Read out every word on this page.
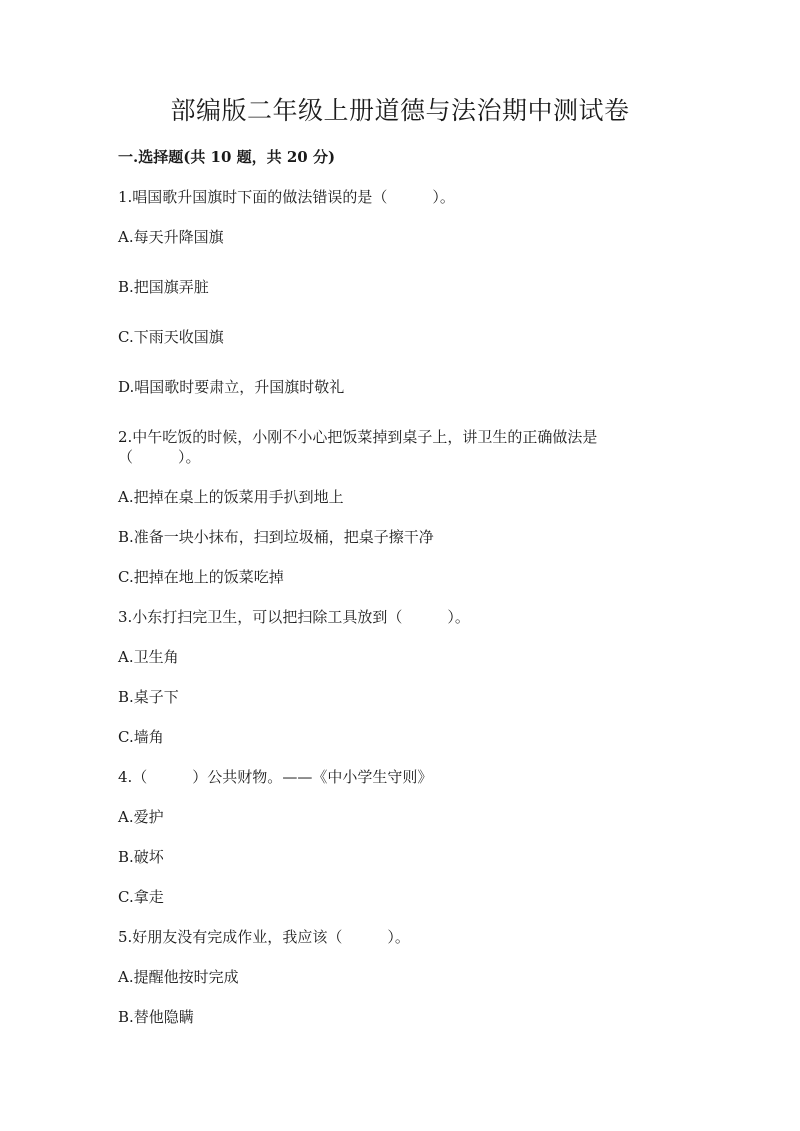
部编版二年级上册道德与法治期中测试卷
一.选择题(共 10 题，共 20 分)
1.唱国歌升国旗时下面的做法错误的是（　　　）。
A.每天升降国旗
B.把国旗弄脏
C.下雨天收国旗
D.唱国歌时要肃立，升国旗时敬礼
2.中午吃饭的时候，小刚不小心把饭菜掉到桌子上，讲卫生的正确做法是
（　　　）。
A.把掉在桌上的饭菜用手扒到地上
B.准备一块小抹布，扫到垃圾桶，把桌子擦干净
C.把掉在地上的饭菜吃掉
3.小东打扫完卫生，可以把扫除工具放到（　　　）。
A.卫生角
B.桌子下
C.墙角
4.（　　　）公共财物。——《中小学生守则》
A.爱护
B.破坏
C.拿走
5.好朋友没有完成作业，我应该（　　　）。
A.提醒他按时完成
B.替他隐瞒
